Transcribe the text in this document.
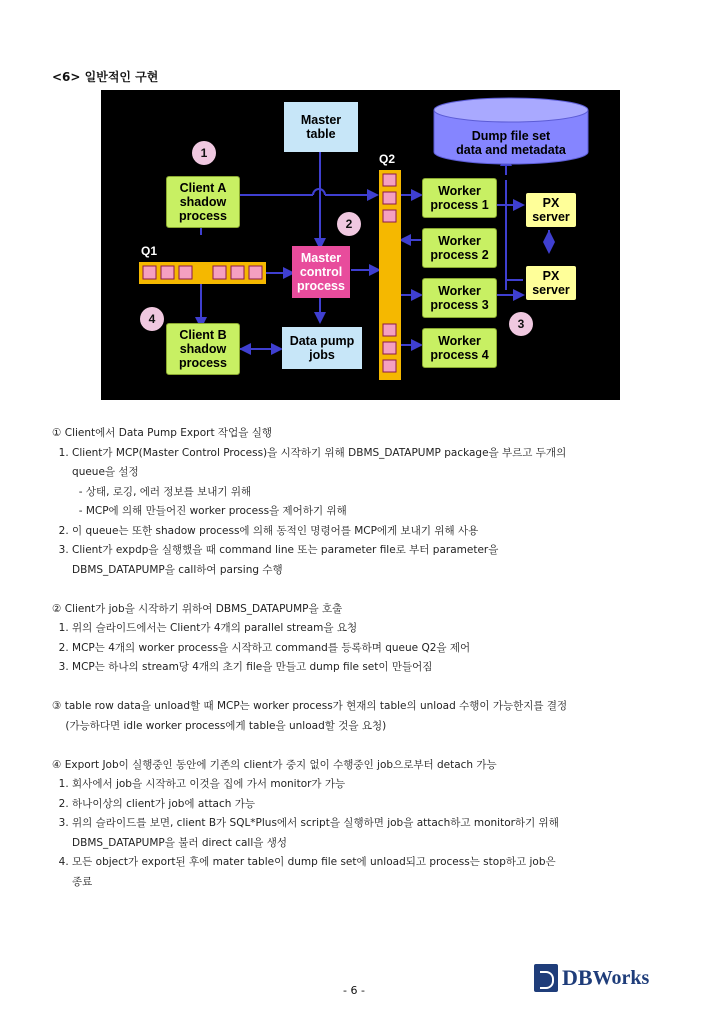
<6> 일반적인 구현
Master
table	Dump file set
data and metadata
Client A
shadow
process
Client B
shadow
process
Master
control
process
Data pump
jobs
Worker
process 1
Worker
process 2
Worker
process 3
Worker
process 4
PX
server
PX
server
Q1
Q2
1
2
3
4
① Client에서 Data Pump Export 작업을 실행
1. Client가 MCP(Master Control Process)을 시작하기 위해 DBMS_DATAPUMP package을 부르고 두개의
queue을 설정
- 상태, 로깅, 에러 정보를 보내기 위해
- MCP에 의해 만들어진 worker process을 제어하기 위해
2. 이 queue는 또한 shadow process에 의해 동적인 명령어를 MCP에게 보내기 위해 사용
3. Client가 expdp을 실행했을 때 command line 또는 parameter file로 부터 parameter을
DBMS_DATAPUMP을 call하여 parsing 수행
② Client가 job을 시작하기 위하여 DBMS_DATAPUMP을 호출
1. 위의 슬라이드에서는 Client가 4개의 parallel stream을 요청
2. MCP는 4개의 worker process을 시작하고 command를 등록하며 queue Q2을 제어
3. MCP는 하나의 stream당 4개의 초기 file을 만들고 dump file set이 만들어짐
③ table row data을 unload할 때 MCP는 worker process가 현재의 table의 unload 수행이 가능한지를 결정
(가능하다면 idle worker process에게 table을 unload할 것을 요청)
④ Export Job이 실행중인 동안에 기존의 client가 중지 없이 수행중인 job으로부터 detach 가능
1. 회사에서 job을 시작하고 이것을 집에 가서 monitor가 가능
2. 하나이상의 client가 job에 attach 가능
3. 위의 슬라이드를 보면, client B가 SQL*Plus에서 script을 실행하면 job을 attach하고 monitor하기 위해
DBMS_DATAPUMP을 불러 direct call을 생성
4. 모든 object가 export된 후에 mater table이 dump file set에 unload되고 process는 stop하고 job은
종료
- 6 -
DB Works
